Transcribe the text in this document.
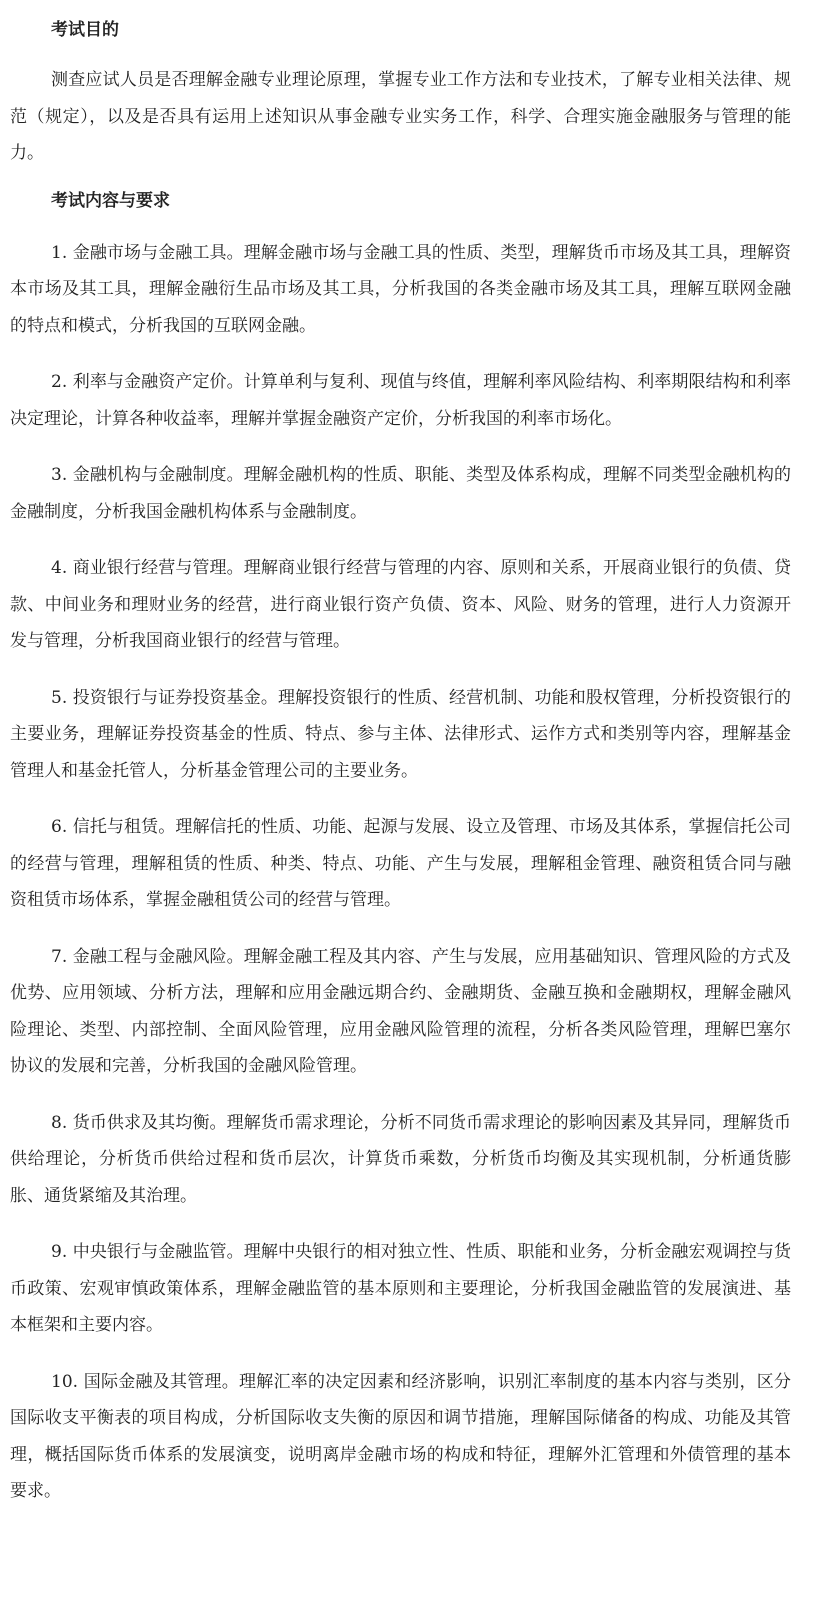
考试目的

测查应试人员是否理解金融专业理论原理，掌握专业工作方法和专业技术，了解专业相关法律、规范（规定），以及是否具有运用上述知识从事金融专业实务工作，科学、合理实施金融服务与管理的能力。

考试内容与要求

1. 金融市场与金融工具。理解金融市场与金融工具的性质、类型，理解货币市场及其工具，理解资本市场及其工具，理解金融衍生品市场及其工具，分析我国的各类金融市场及其工具，理解互联网金融的特点和模式，分析我国的互联网金融。

2. 利率与金融资产定价。计算单利与复利、现值与终值，理解利率风险结构、利率期限结构和利率决定理论，计算各种收益率，理解并掌握金融资产定价，分析我国的利率市场化。

3. 金融机构与金融制度。理解金融机构的性质、职能、类型及体系构成，理解不同类型金融机构的金融制度，分析我国金融机构体系与金融制度。

4. 商业银行经营与管理。理解商业银行经营与管理的内容、原则和关系，开展商业银行的负债、贷款、中间业务和理财业务的经营，进行商业银行资产负债、资本、风险、财务的管理，进行人力资源开发与管理，分析我国商业银行的经营与管理。

5. 投资银行与证券投资基金。理解投资银行的性质、经营机制、功能和股权管理，分析投资银行的主要业务，理解证券投资基金的性质、特点、参与主体、法律形式、运作方式和类别等内容，理解基金管理人和基金托管人，分析基金管理公司的主要业务。

6. 信托与租赁。理解信托的性质、功能、起源与发展、设立及管理、市场及其体系，掌握信托公司的经营与管理，理解租赁的性质、种类、特点、功能、产生与发展，理解租金管理、融资租赁合同与融资租赁市场体系，掌握金融租赁公司的经营与管理。

7. 金融工程与金融风险。理解金融工程及其内容、产生与发展，应用基础知识、管理风险的方式及优势、应用领域、分析方法，理解和应用金融远期合约、金融期货、金融互换和金融期权，理解金融风险理论、类型、内部控制、全面风险管理，应用金融风险管理的流程，分析各类风险管理，理解巴塞尔协议的发展和完善，分析我国的金融风险管理。

8. 货币供求及其均衡。理解货币需求理论，分析不同货币需求理论的影响因素及其异同，理解货币供给理论，分析货币供给过程和货币层次，计算货币乘数，分析货币均衡及其实现机制，分析通货膨胀、通货紧缩及其治理。

9. 中央银行与金融监管。理解中央银行的相对独立性、性质、职能和业务，分析金融宏观调控与货币政策、宏观审慎政策体系，理解金融监管的基本原则和主要理论，分析我国金融监管的发展演进、基本框架和主要内容。

10. 国际金融及其管理。理解汇率的决定因素和经济影响，识别汇率制度的基本内容与类别，区分国际收支平衡表的项目构成，分析国际收支失衡的原因和调节措施，理解国际储备的构成、功能及其管理，概括国际货币体系的发展演变，说明离岸金融市场的构成和特征，理解外汇管理和外债管理的基本要求。
